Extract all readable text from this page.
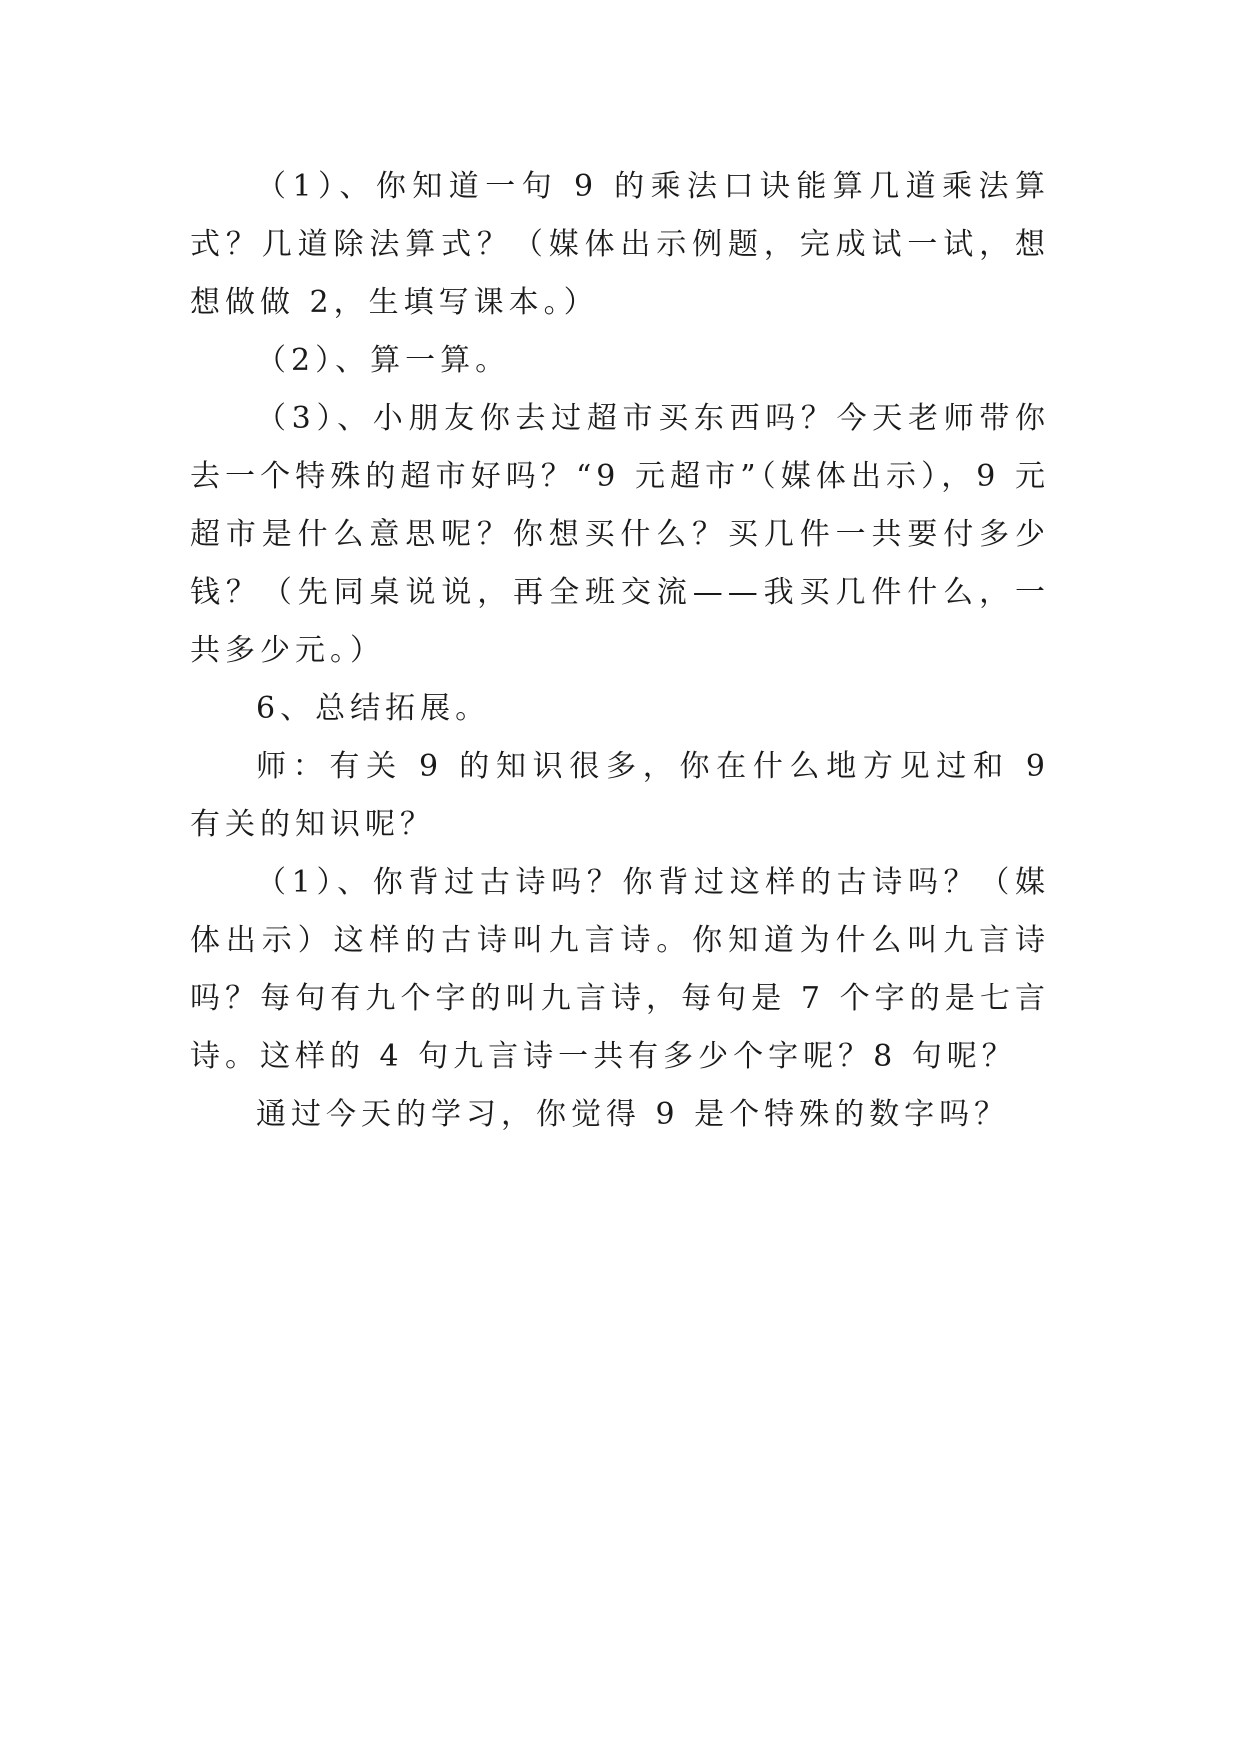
（1）、你知道一句 9 的乘法口诀能算几道乘法算式？几道除法算式？（媒体出示例题，完成试一试，想想做做 2，生填写课本。）

（2）、算一算。

（3）、小朋友你去过超市买东西吗？今天老师带你去一个特殊的超市好吗？“9 元超市”（媒体出示），9 元超市是什么意思呢？你想买什么？买几件一共要付多少钱？（先同桌说说，再全班交流——我买几件什么，一共多少元。）

6、总结拓展。

师：有关 9 的知识很多，你在什么地方见过和 9 有关的知识呢？

（1）、你背过古诗吗？你背过这样的古诗吗？（媒体出示）这样的古诗叫九言诗。你知道为什么叫九言诗吗？每句有九个字的叫九言诗，每句是 7 个字的是七言诗。这样的 4 句九言诗一共有多少个字呢？8 句呢？

通过今天的学习，你觉得 9 是个特殊的数字吗？
